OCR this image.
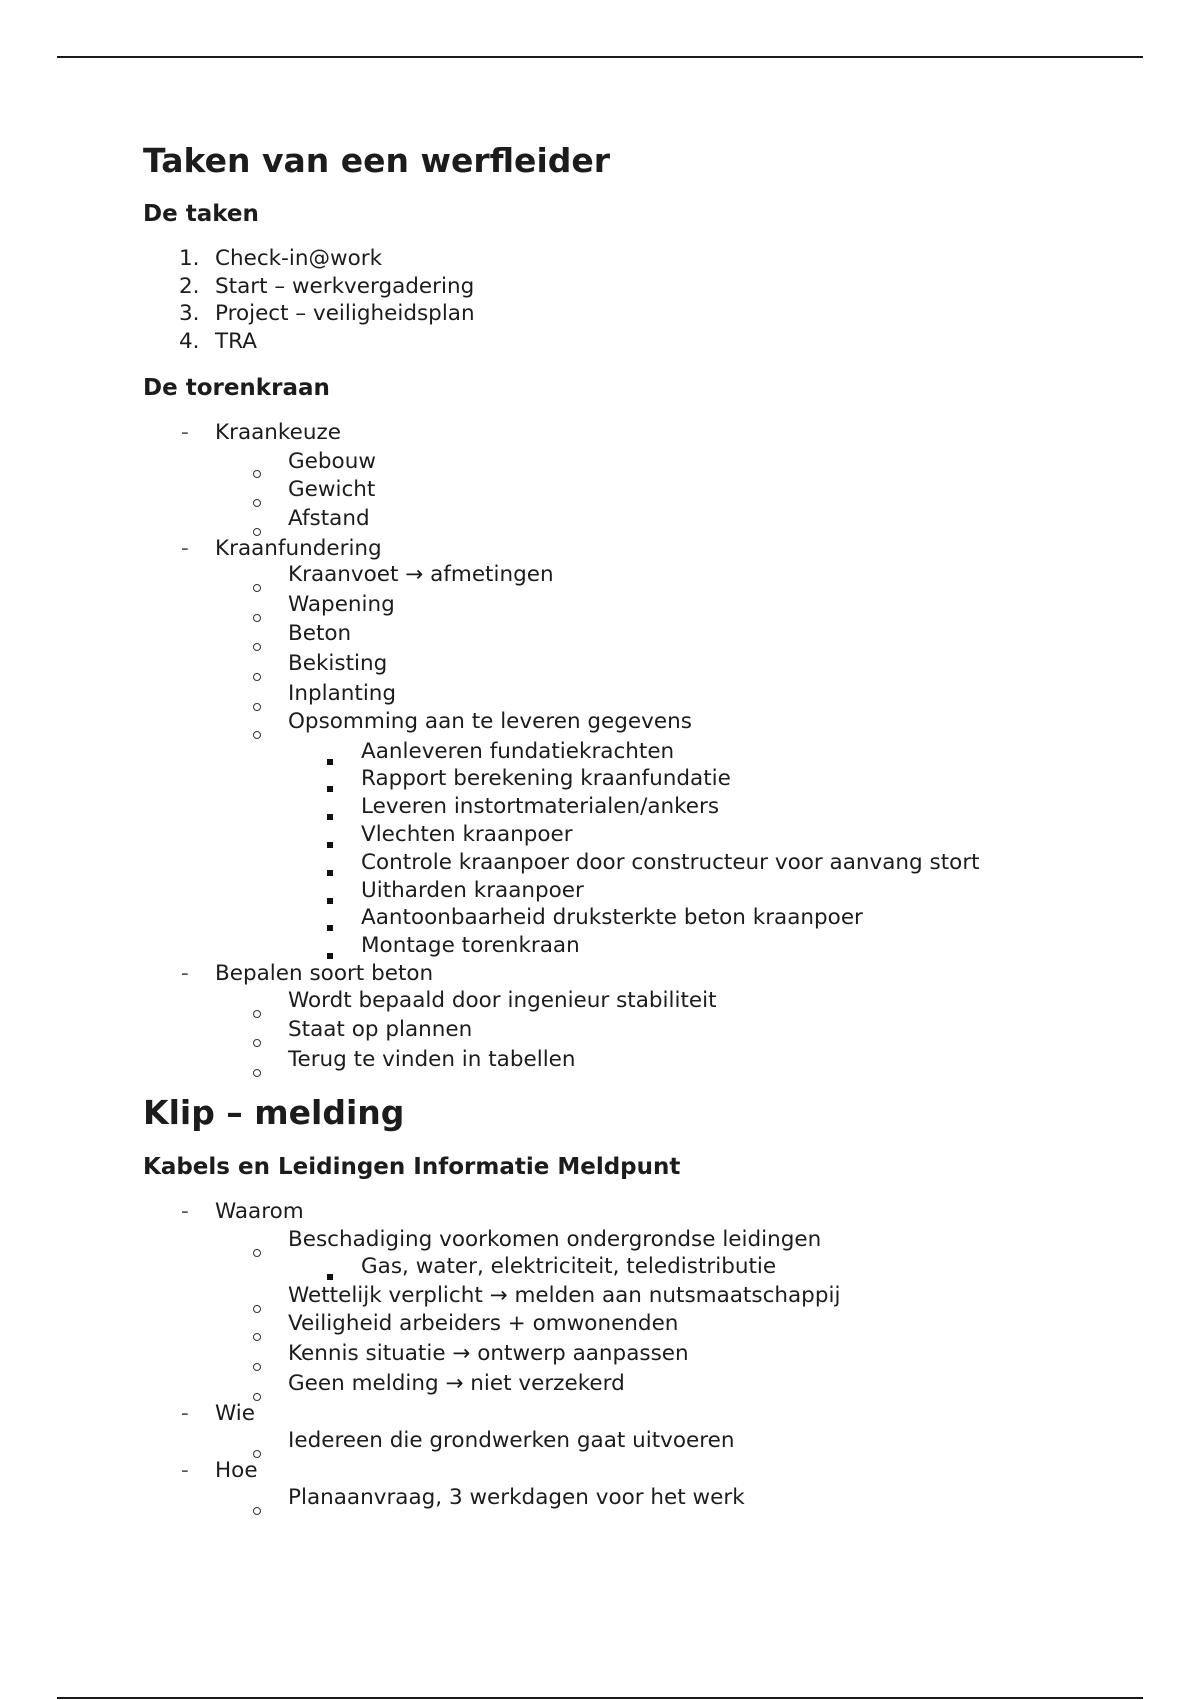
Taken van een werfleider
De taken
1. Check-in@work
2. Start – werkvergadering
3. Project – veiligheidsplan
4. TRA
De torenkraan
- Kraankeuze
Gebouw
Gewicht
Afstand
- Kraanfundering
Kraanvoet → afmetingen
Wapening
Beton
Bekisting
Inplanting
Opsomming aan te leveren gegevens
Aanleveren fundatiekrachten
Rapport berekening kraanfundatie
Leveren instortmaterialen/ankers
Vlechten kraanpoer
Controle kraanpoer door constructeur voor aanvang stort
Uitharden kraanpoer
Aantoonbaarheid druksterkte beton kraanpoer
Montage torenkraan
- Bepalen soort beton
Wordt bepaald door ingenieur stabiliteit
Staat op plannen
Terug te vinden in tabellen
Klip – melding
Kabels en Leidingen Informatie Meldpunt
- Waarom
Beschadiging voorkomen ondergrondse leidingen
Gas, water, elektriciteit, teledistributie
Wettelijk verplicht → melden aan nutsmaatschappij
Veiligheid arbeiders + omwonenden
Kennis situatie → ontwerp aanpassen
Geen melding → niet verzekerd
- Wie
Iedereen die grondwerken gaat uitvoeren
- Hoe
Planaanvraag, 3 werkdagen voor het werk
